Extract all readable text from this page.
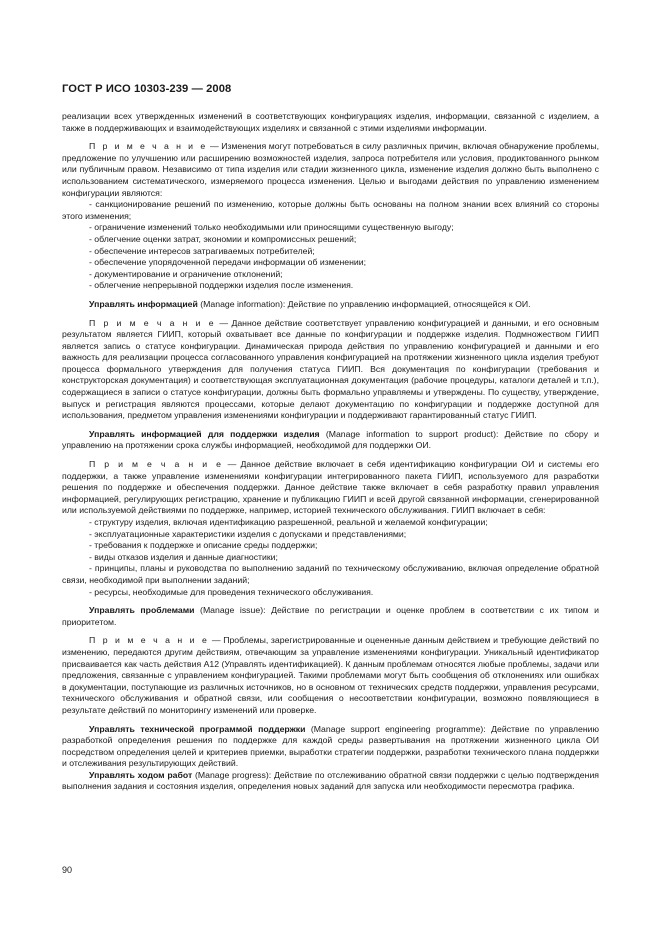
ГОСТ Р ИСО 10303-239 — 2008

реализации всех утвержденных изменений в соответствующих конфигурациях изделия, информации, связанной с изделием, а также в поддерживающих и взаимодействующих изделиях и связанной с этими изделиями информации.

П р и м е ч а н и е — Изменения могут потребоваться в силу различных причин, включая обнаружение проблемы, предложение по улучшению или расширению возможностей изделия, запроса потребителя или условия, продиктованного рынком или публичным правом. Независимо от типа изделия или стадии жизненного цикла, изменение изделия должно быть выполнено с использованием систематического, измеряемого процесса изменения. Целью и выгодами действия по управлению изменением конфигурации являются:

- санкционирование решений по изменению, которые должны быть основаны на полном знании всех влияний со стороны этого изменения;

- ограничение изменений только необходимыми или приносящими существенную выгоду;

- облегчение оценки затрат, экономии и компромиссных решений;

- обеспечение интересов затрагиваемых потребителей;

- обеспечение упорядоченной передачи информации об изменении;

- документирование и ограничение отклонений;

- облегчение непрерывной поддержки изделия после изменения.

Управлять информацией (Manage information): Действие по управлению информацией, относящейся к ОИ.

П р и м е ч а н и е — Данное действие соответствует управлению конфигурацией и данными, и его основным результатом является ГИИП, который охватывает все данные по конфигурации и поддержке изделия. Подмножеством ГИИП является запись о статусе конфигурации. Динамическая природа действия по управлению конфигурацией и данными и его важность для реализации процесса согласованного управления конфигурацией на протяжении жизненного цикла изделия требуют процесса формального утверждения для получения статуса ГИИП. Вся документация по конфигурации (требования и конструкторская документация) и соответствующая эксплуатационная документация (рабочие процедуры, каталоги деталей и т.п.), содержащиеся в записи о статусе конфигурации, должны быть формально управляемы и утверждены. По существу, утверждение, выпуск и регистрация являются процессами, которые делают документацию по конфигурации и поддержке доступной для использования, предметом управления изменениями конфигурации и поддерживают гарантированный статус ГИИП.

Управлять информацией для поддержки изделия (Manage information to support product): Действие по сбору и управлению на протяжении срока службы информацией, необходимой для поддержки ОИ.

П р и м е ч а н и е — Данное действие включает в себя идентификацию конфигурации ОИ и системы его поддержки, а также управление изменениями конфигурации интегрированного пакета ГИИП, используемого для разработки решения по поддержке и обеспечения поддержки. Данное действие также включает в себя разработку правил управления информацией, регулирующих регистрацию, хранение и публикацию ГИИП и всей другой связанной информации, сгенерированной или используемой действиями по поддержке, например, историей технического обслуживания. ГИИП включает в себя:

- структуру изделия, включая идентификацию разрешенной, реальной и желаемой конфигурации;

- эксплуатационные характеристики изделия с допусками и представлениями;

- требования к поддержке и описание среды поддержки;

- виды отказов изделия и данные диагностики;

- принципы, планы и руководства по выполнению заданий по техническому обслуживанию, включая определение обратной связи, необходимой при выполнении заданий;

- ресурсы, необходимые для проведения технического обслуживания.

Управлять проблемами (Manage issue): Действие по регистрации и оценке проблем в соответствии с их типом и приоритетом.

П р и м е ч а н и е — Проблемы, зарегистрированные и оцененные данным действием и требующие действий по изменению, передаются другим действиям, отвечающим за управление изменениями конфигурации. Уникальный идентификатор присваивается как часть действия A12 (Управлять идентификацией). К данным проблемам относятся любые проблемы, задачи или предложения, связанные с управлением конфигурацией. Такими проблемами могут быть сообщения об отклонениях или ошибках в документации, поступающие из различных источников, но в основном от технических средств поддержки, управления ресурсами, технического обслуживания и обратной связи, или сообщения о несоответствии конфигурации, возможно появляющиеся в результате действий по мониторингу изменений или проверке.

Управлять технической программой поддержки (Manage support engineering programme): Действие по управлению разработкой определения решения по поддержке для каждой среды развертывания на протяжении жизненного цикла ОИ посредством определения целей и критериев приемки, выработки стратегии поддержки, разработки технического плана поддержки и отслеживания результирующих действий.

Управлять ходом работ (Manage progress): Действие по отслеживанию обратной связи поддержки с целью подтверждения выполнения задания и состояния изделия, определения новых заданий для запуска или необходимости пересмотра графика.

90
